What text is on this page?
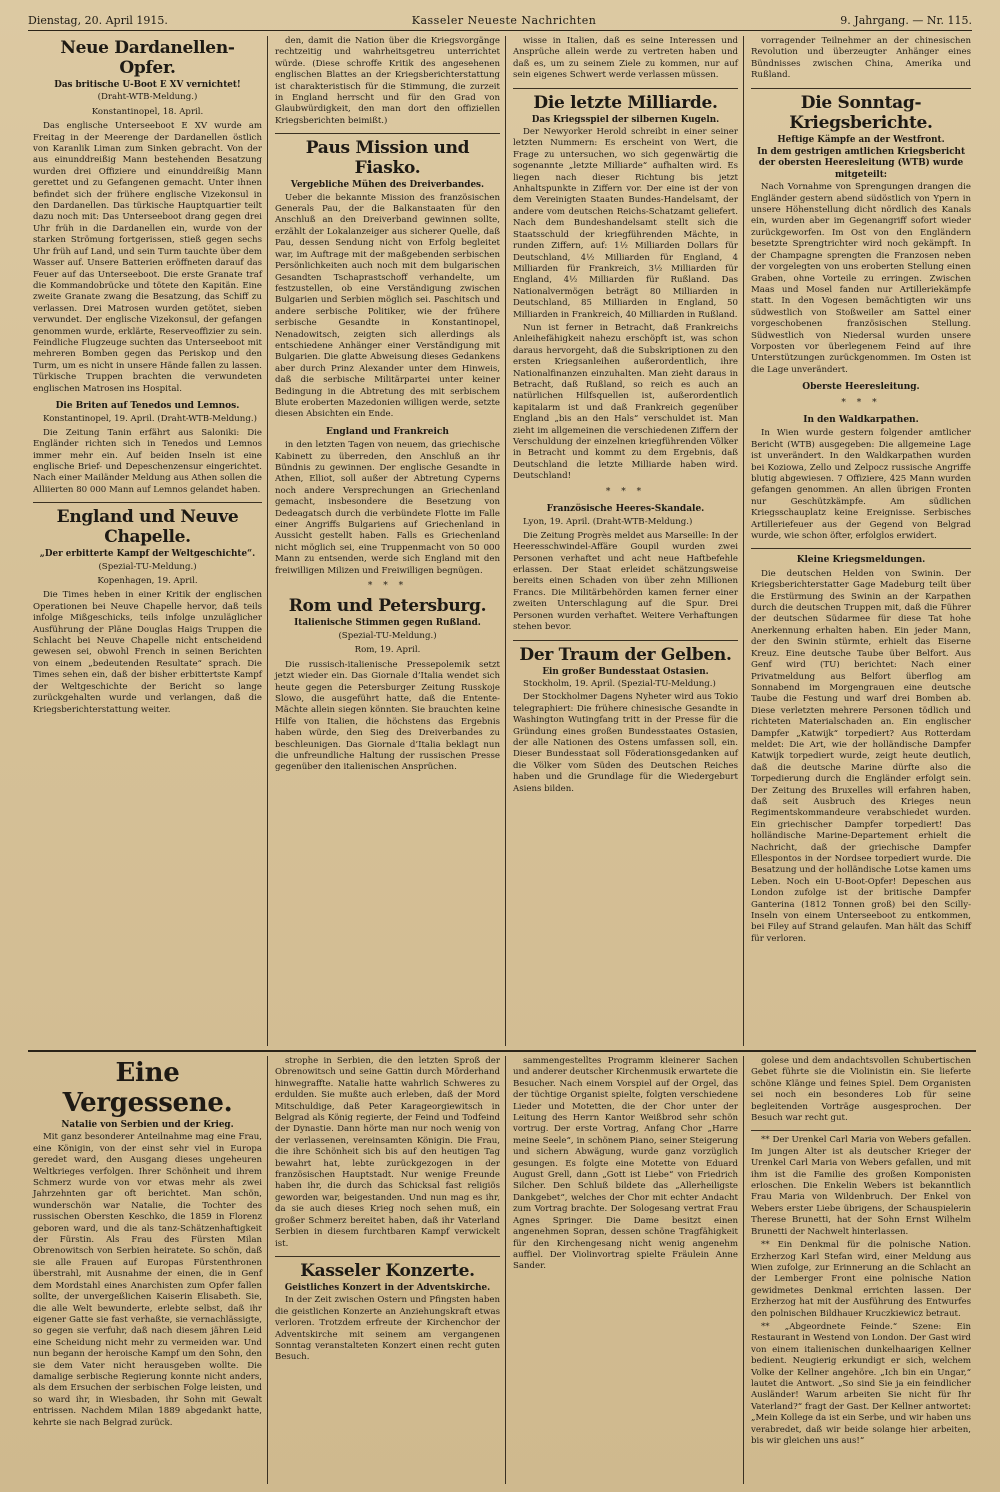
Dienstag, 20. April 1915.	Kasseler Neueste Nachrichten	9. Jahrgang. — Nr. 115.
Neue Dardanellen-Opfer.
Das britische U-Boot E XV vernichtet!
(Draht-WTB-Meldung.)
Konstantinopel, 18. April.

Das englische Unterseeboot E XV wurde am Freitag in der Meerenge der Dardanellen östlich von Karanlik Liman zum Sinken gebracht. Von der aus einunddreißig Mann bestehenden Besatzung wurden drei Offiziere und einunddreißig Mann gerettet und zu Gefangenen gemacht. Unter ihnen befindet sich der frühere englische Vizekonsul in den Dardanellen. Das türkische Hauptquartier teilt dazu noch mit: Das Unterseeboot drang gegen drei Uhr früh in die Dardanellen ein, wurde von der starken Strömung fortgerissen, stieß gegen sechs Uhr früh auf Land, und sein Turm tauchte über dem Wasser auf. Unsere Batterien eröffneten darauf das Feuer auf das Unterseeboot. Die erste Granate traf die Kommandobrücke und tötete den Kapitän. Eine zweite Granate zwang die Besatzung, das Schiff zu verlassen. Drei Matrosen wurden getötet, sieben verwundet. Der englische Vizekonsul, der gefangen genommen wurde, erklärte, Reserveoffizier zu sein. Feindliche Flugzeuge suchten das Unterseeboot mit mehreren Bomben gegen das Periskop und den Turm, um es nicht in unsere Hände fallen zu lassen. Türkische Truppen brachten die verwundeten englischen Matrosen ins Hospital.

Die Briten auf Tenedos und Lemnos.

Konstantinopel, 19. April. (Draht-WTB-Meldung.)

Die Zeitung Tanin erfährt aus Saloniki: Die Engländer richten sich in Tenedos und Lemnos immer mehr ein. Auf beiden Inseln ist eine englische Brief- und Depeschenzensur eingerichtet. Nach einer Mailänder Meldung aus Athen sollen die Alliierten 80 000 Mann auf Lemnos gelandet haben.

England und Neuve Chapelle.
„Der erbitterte Kampf der Weltgeschichte“.
(Spezial-TU-Meldung.)
Kopenhagen, 19. April.

Die Times heben in einer Kritik der englischen Operationen bei Neuve Chapelle hervor, daß teils infolge Mißgeschicks, teils infolge unzuläglicher Ausführung der Pläne Douglas Haigs Truppen die Schlacht bei Neuve Chapelle nicht entscheidend gewesen sei, obwohl French in seinen Berichten von einem „bedeutenden Resultate“ sprach. Die Times sehen ein, daß der bisher erbittertste Kampf der Weltgeschichte der Bericht so lange zurückgehalten wurde und verlangen, daß die Kriegsberichterstattung weiter.

den, damit die Nation über die Kriegsvorgänge rechtzeitig und wahrheitsgetreu unterrichtet würde. (Diese schroffe Kritik des angesehenen englischen Blattes an der Kriegsberichterstattung ist charakteristisch für die Stimmung, die zurzeit in England herrscht und für den Grad von Glaubwürdigkeit, den man dort den offiziellen Kriegsberichten beimißt.)

Paus Mission und Fiasko.
Vergebliche Mühen des Dreiverbandes.

Ueber die bekannte Mission des französischen Generals Pau, der die Balkanstaaten für den Anschluß an den Dreiverband gewinnen sollte, erzählt der Lokalanzeiger aus sicherer Quelle, daß Pau, dessen Sendung nicht von Erfolg begleitet war, im Auftrage mit der maßgebenden serbischen Persönlichkeiten auch noch mit dem bulgarischen Gesandten Tschaprastschoff verhandelte, um festzustellen, ob eine Verständigung zwischen Bulgarien und Serbien möglich sei. Paschitsch und andere serbische Politiker, wie der frühere serbische Gesandte in Konstantinopel, Nenadowitsch, zeigten sich allerdings als entschiedene Anhänger einer Verständigung mit Bulgarien. Die glatte Abweisung dieses Gedankens aber durch Prinz Alexander unter dem Hinweis, daß die serbische Militärpartei unter keiner Bedingung in die Abtretung des mit serbischem Blute eroberten Mazedonien willigen werde, setzte diesen Absichten ein Ende.

England und Frankreich

in den letzten Tagen von neuem, das griechische Kabinett zu überreden, den Anschluß an ihr Bündnis zu gewinnen. Der englische Gesandte in Athen, Elliot, soll außer der Abtretung Cyperns noch andere Versprechungen an Griechenland gemacht, insbesondere die Besetzung von Dedeagatsch durch die verbündete Flotte im Falle einer Angriffs Bulgariens auf Griechenland in Aussicht gestellt haben. Falls es Griechenland nicht möglich sei, eine Truppenmacht von 50 000 Mann zu entsenden, werde sich England mit den freiwilligen Milizen und Freiwilligen begnügen.

* * *
Rom und Petersburg.
Italienische Stimmen gegen Rußland.
(Spezial-TU-Meldung.)
Rom, 19. April.

Die russisch-italienische Pressepolemik setzt jetzt wieder ein. Das Giornale d’Italia wendet sich heute gegen die Petersburger Zeitung Russkoje Slowo, die ausgeführt hatte, daß die Entente-Mächte allein siegen könnten. Sie brauchten keine Hilfe von Italien, die höchstens das Ergebnis haben würde, den Sieg des Dreiverbandes zu beschleunigen. Das Giornale d’Italia beklagt nun die unfreundliche Haltung der russischen Presse gegenüber den italienischen Ansprüchen.

wisse in Italien, daß es seine Interessen und Ansprüche allein werde zu vertreten haben und daß es, um zu seinem Ziele zu kommen, nur auf sein eigenes Schwert werde verlassen müssen.

Die letzte Milliarde.
Das Kriegsspiel der silbernen Kugeln.

Der Newyorker Herold schreibt in einer seiner letzten Nummern: Es erscheint von Wert, die Frage zu untersuchen, wo sich gegenwärtig die sogenannte „letzte Milliarde“ aufhalten wird. Es liegen nach dieser Richtung bis jetzt Anhaltspunkte in Ziffern vor. Der eine ist der von dem Vereinigten Staaten Bundes-Handelsamt, der andere vom deutschen Reichs-Schatzamt geliefert. Nach dem Bundeshandelsamt stellt sich die Staatsschuld der kriegführenden Mächte, in runden Ziffern, auf: 1½ Milliarden Dollars für Deutschland, 4½ Milliarden für England, 4 Milliarden für Frankreich, 3½ Milliarden für England, 4½ Milliarden für Rußland. Das Nationalvermögen beträgt 80 Milliarden in Deutschland, 85 Milliarden in England, 50 Milliarden in Frankreich, 40 Milliarden in Rußland.

Nun ist ferner in Betracht, daß Frankreichs Anleihefähigkeit nahezu erschöpft ist, was schon daraus hervorgeht, daß die Subskriptionen zu den ersten Kriegsanleihen außerordentlich, ihre Nationalfinanzen einzuhalten. Man zieht daraus in Betracht, daß Rußland, so reich es auch an natürlichen Hilfsquellen ist, außerordentlich kapitalarm ist und daß Frankreich gegenüber England „bis an den Hals“ verschuldet ist. Man zieht im allgemeinen die verschiedenen Ziffern der Verschuldung der einzelnen kriegführenden Völker in Betracht und kommt zu dem Ergebnis, daß Deutschland die letzte Milliarde haben wird. Deutschland!

* * *
Französische Heeres-Skandale.

Lyon, 19. April. (Draht-WTB-Meldung.)

Die Zeitung Progrès meldet aus Marseille: In der Heeresschwindel-Affäre Goupil wurden zwei Personen verhaftet und acht neue Haftbefehle erlassen. Der Staat erleidet schätzungsweise bereits einen Schaden von über zehn Millionen Francs. Die Militärbehörden kamen ferner einer zweiten Unterschlagung auf die Spur. Drei Personen wurden verhaftet. Weitere Verhaftungen stehen bevor.

Der Traum der Gelben.
Ein großer Bundesstaat Ostasien.

Stockholm, 19. April. (Spezial-TU-Meldung.)

Der Stockholmer Dagens Nyheter wird aus Tokio telegraphiert: Die frühere chinesische Gesandte in Washington Wutingfang tritt in der Presse für die Gründung eines großen Bundesstaates Ostasien, der alle Nationen des Ostens umfassen soll, ein. Dieser Bundesstaat soll Föderationsgedanken auf die Völker vom Süden des Deutschen Reiches haben und die Grundlage für die Wiedergeburt Asiens bilden.

vorragender Teilnehmer an der chinesischen Revolution und überzeugter Anhänger eines Bündnisses zwischen China, Amerika und Rußland.

Die Sonntag-Kriegsberichte.
Heftige Kämpfe an der Westfront.
In dem gestrigen amtlichen Kriegsbericht der obersten Heeresleitung (WTB) wurde mitgeteilt:

Nach Vornahme von Sprengungen drangen die Engländer gestern abend südöstlich von Ypern in unsere Höhenstellung dicht nördlich des Kanals ein, wurden aber im Gegenangriff sofort wieder zurückgeworfen. Im Ost von den Engländern besetzte Sprengtrichter wird noch gekämpft. In der Champagne sprengten die Franzosen neben der vorgelegten von uns eroberten Stellung einen Graben, ohne Vorteile zu erringen. Zwischen Maas und Mosel fanden nur Artilleriekämpfe statt. In den Vogesen bemächtigten wir uns südwestlich von Stoßweiler am Sattel einer vorgeschobenen französischen Stellung. Südwestlich von Niedersal wurden unsere Vorposten vor überlegenem Feind auf ihre Unterstützungen zurückgenommen. Im Osten ist die Lage unverändert.

Oberste Heeresleitung.
* * *
In den Waldkarpathen.

In Wien wurde gestern folgender amtlicher Bericht (WTB) ausgegeben: Die allgemeine Lage ist unverändert. In den Waldkarpathen wurden bei Koziowa, Zello und Zelpocz russische Angriffe blutig abgewiesen. 7 Offiziere, 425 Mann wurden gefangen genommen. An allen übrigen Fronten nur Geschützkämpfe. Am südlichen Kriegsschauplatz keine Ereignisse. Serbisches Artilleriefeuer aus der Gegend von Belgrad wurde, wie schon öfter, erfolglos erwidert.

Kleine Kriegsmeldungen.

Die deutschen Helden von Swinin. Der Kriegsberichterstatter Gage Madeburg teilt über die Erstürmung des Swinin an der Karpathen durch die deutschen Truppen mit, daß die Führer der deutschen Südarmee für diese Tat hohe Anerkennung erhalten haben. Ein jeder Mann, der den Swinin stürmte, erhielt das Eiserne Kreuz. Eine deutsche Taube über Belfort. Aus Genf wird (TU) berichtet: Nach einer Privatmeldung aus Belfort überflog am Sonnabend im Morgengrauen eine deutsche Taube die Festung und warf drei Bomben ab. Diese verletzten mehrere Personen tödlich und richteten Materialschaden an. Ein englischer Dampfer „Katwijk“ torpediert? Aus Rotterdam meldet: Die Art, wie der holländische Dampfer Katwijk torpediert wurde, zeigt heute deutlich, daß die deutsche Marine dürfte also die Torpedierung durch die Engländer erfolgt sein. Der Zeitung des Bruxelles will erfahren haben, daß seit Ausbruch des Krieges neun Regimentskommandeure verabschiedet wurden. Ein griechischer Dampfer torpediert! Das holländische Marine-Departement erhielt die Nachricht, daß der griechische Dampfer Ellespontos in der Nordsee torpediert wurde. Die Besatzung und der holländische Lotse kamen ums Leben. Noch ein U-Boot-Opfer! Depeschen aus London zufolge ist der britische Dampfer Ganterina (1812 Tonnen groß) bei den Scilly-Inseln von einem Unterseeboot zu entkommen, bei Filey auf Strand gelaufen. Man hält das Schiff für verloren.

Eine Vergessene.
Natalie von Serbien und der Krieg.

Mit ganz besonderer Anteilnahme mag eine Frau, eine Königin, von der einst sehr viel in Europa geredet ward, den Ausgang dieses ungeheuren Weltkrieges verfolgen. Ihrer Schönheit und ihrem Schmerz wurde von vor etwas mehr als zwei Jahrzehnten gar oft berichtet. Man schön, wunderschön war Natalie, die Tochter des russischen Obersten Keschko, die 1859 in Florenz geboren ward, und die als tanz-Schätzenhaftigkeit der Fürstin. Als Frau des Fürsten Milan Obrenowitsch von Serbien heiratete. So schön, daß sie alle Frauen auf Europas Fürstenthronen überstrahl, mit Ausnahme der einen, die in Genf dem Mordstahl eines Anarchisten zum Opfer fallen sollte, der unvergeßlichen Kaiserin Elisabeth. Sie, die alle Welt bewunderte, erlebte selbst, daß ihr eigener Gatte sie fast verhaßte, sie vernachlässigte, so gegen sie verfuhr, daß nach diesem jähren Leid eine Scheidung nicht mehr zu vermeiden war. Und nun begann der heroische Kampf um den Sohn, den sie dem Vater nicht herausgeben wollte. Die damalige serbische Regierung konnte nicht anders, als dem Ersuchen der serbischen Folge leisten, und so ward ihr, in Wiesbaden, ihr Sohn mit Gewalt entrissen. Nachdem Milan 1889 abgedankt hatte, kehrte sie nach Belgrad zurück.

strophe in Serbien, die den letzten Sproß der Obrenowitsch und seine Gattin durch Mörderhand hinwegraffte. Natalie hatte wahrlich Schweres zu erdulden. Sie mußte auch erleben, daß der Mord Mitschuldige, daß Peter Karageorgiewitsch in Belgrad als König regierte, der Feind und Todfeind der Dynastie. Dann hörte man nur noch wenig von der verlassenen, vereinsamten Königin. Die Frau, die ihre Schönheit sich bis auf den heutigen Tag bewahrt hat, lebte zurückgezogen in der französischen Hauptstadt. Nur wenige Freunde haben ihr, die durch das Schicksal fast religiös geworden war, beigestanden. Und nun mag es ihr, da sie auch dieses Krieg noch sehen muß, ein großer Schmerz bereitet haben, daß ihr Vaterland Serbien in diesem furchtbaren Kampf verwickelt ist.

Kasseler Konzerte.
Geistliches Konzert in der Adventskirche.

In der Zeit zwischen Ostern und Pfingsten haben die geistlichen Konzerte an Anziehungskraft etwas verloren. Trotzdem erfreute der Kirchenchor der Adventskirche mit seinem am vergangenen Sonntag veranstalteten Konzert einen recht guten Besuch.

sammengestelltes Programm kleinerer Sachen und anderer deutscher Kirchenmusik erwartete die Besucher. Nach einem Vorspiel auf der Orgel, das der tüchtige Organist spielte, folgten verschiedene Lieder und Motetten, die der Chor unter der Leitung des Herrn Kantor Weißbrod sehr schön vortrug. Der erste Vortrag, Anfang Chor „Harre meine Seele“, in schönem Piano, seiner Steigerung und sichern Abwägung, wurde ganz vorzüglich gesungen. Es folgte eine Motette von Eduard August Grell, dann „Gott ist Liebe“ von Friedrich Silcher. Den Schluß bildete das „Allerheiligste Dankgebet“, welches der Chor mit echter Andacht zum Vortrag brachte. Der Sologesang vertrat Frau Agnes Springer. Die Dame besitzt einen angenehmen Sopran, dessen schöne Tragfähigkeit für den Kirchengesang nicht wenig angenehm auffiel. Der Violinvortrag spielte Fräulein Anne Sander.

golese und dem andachtsvollen Schubertischen Gebet führte sie die Violinistin ein. Sie lieferte schöne Klänge und feines Spiel. Dem Organisten sei noch ein besonderes Lob für seine begleitenden Vorträge ausgesprochen. Der Besuch war recht gut.

** Der Urenkel Carl Maria von Webers gefallen. Im jungen Alter ist als deutscher Krieger der Urenkel Carl Maria von Webers gefallen, und mit ihm ist die Familie des großen Komponisten erloschen. Die Enkelin Webers ist bekanntlich Frau Maria von Wildenbruch. Der Enkel von Webers erster Liebe übrigens, der Schauspielerin Therese Brunetti, hat der Sohn Ernst Wilhelm Brunetti der Nachwelt hinterlassen.

** Ein Denkmal für die polnische Nation. Erzherzog Karl Stefan wird, einer Meldung aus Wien zufolge, zur Erinnerung an die Schlacht an der Lemberger Front eine polnische Nation gewidmetes Denkmal errichten lassen. Der Erzherzog hat mit der Ausführung des Entwurfes den polnischen Bildhauer Kruczkiewicz betraut.

** „Abgeordnete Feinde.“ Szene: Ein Restaurant in Westend von London. Der Gast wird von einem italienischen dunkelhaarigen Kellner bedient. Neugierig erkundigt er sich, welchem Volke der Kellner angehöre. „Ich bin ein Ungar,“ lautet die Antwort. „So sind Sie ja ein feindlicher Ausländer! Warum arbeiten Sie nicht für Ihr Vaterland?“ fragt der Gast. Der Kellner antwortet: „Mein Kollege da ist ein Serbe, und wir haben uns verabredet, daß wir beide solange hier arbeiten, bis wir gleichen uns aus!“
